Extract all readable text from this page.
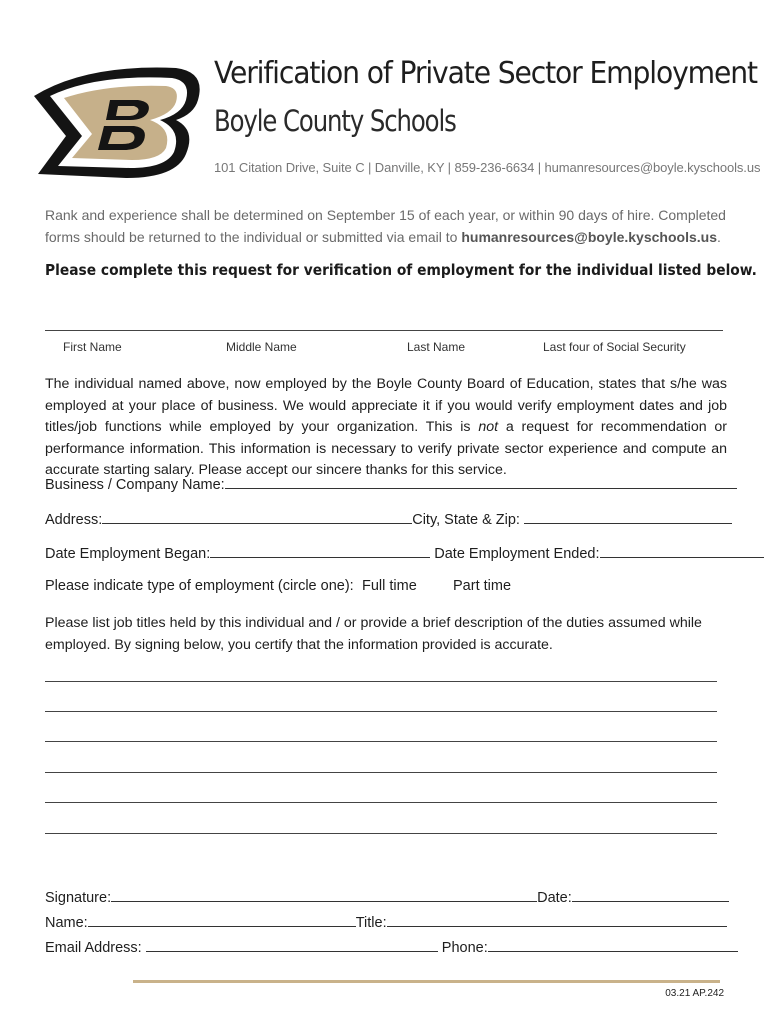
B
Verification of Private Sector Employment
Boyle County Schools
101 Citation Drive, Suite C | Danville, KY | 859-236-6634 | humanresources@boyle.kyschools.us
Rank and experience shall be determined on September 15 of each year, or within 90 days of hire. Completed forms should be returned to the individual or submitted via email to humanresources@boyle.kyschools.us.
Please complete this request for verification of employment for the individual listed below.
First Name	Middle Name	Last Name	Last four of Social Security
The individual named above, now employed by the Boyle County Board of Education, states that s/he was employed at your place of business. We would appreciate it if you would verify employment dates and job titles/job functions while employed by your organization. This is not a request for recommendation or performance information. This information is necessary to verify private sector experience and compute an accurate starting salary. Please accept our sincere thanks for this service.
Business / Company Name:
Address:	City, State & Zip:
Date Employment Began:	Date Employment Ended:
Please indicate type of employment (circle one): Full time Part time
Please list job titles held by this individual and / or provide a brief description of the duties assumed while employed. By signing below, you certify that the information provided is accurate.
Signature:	Date:
Name:	Title:
Email Address:	Phone:
03.21 AP.242
